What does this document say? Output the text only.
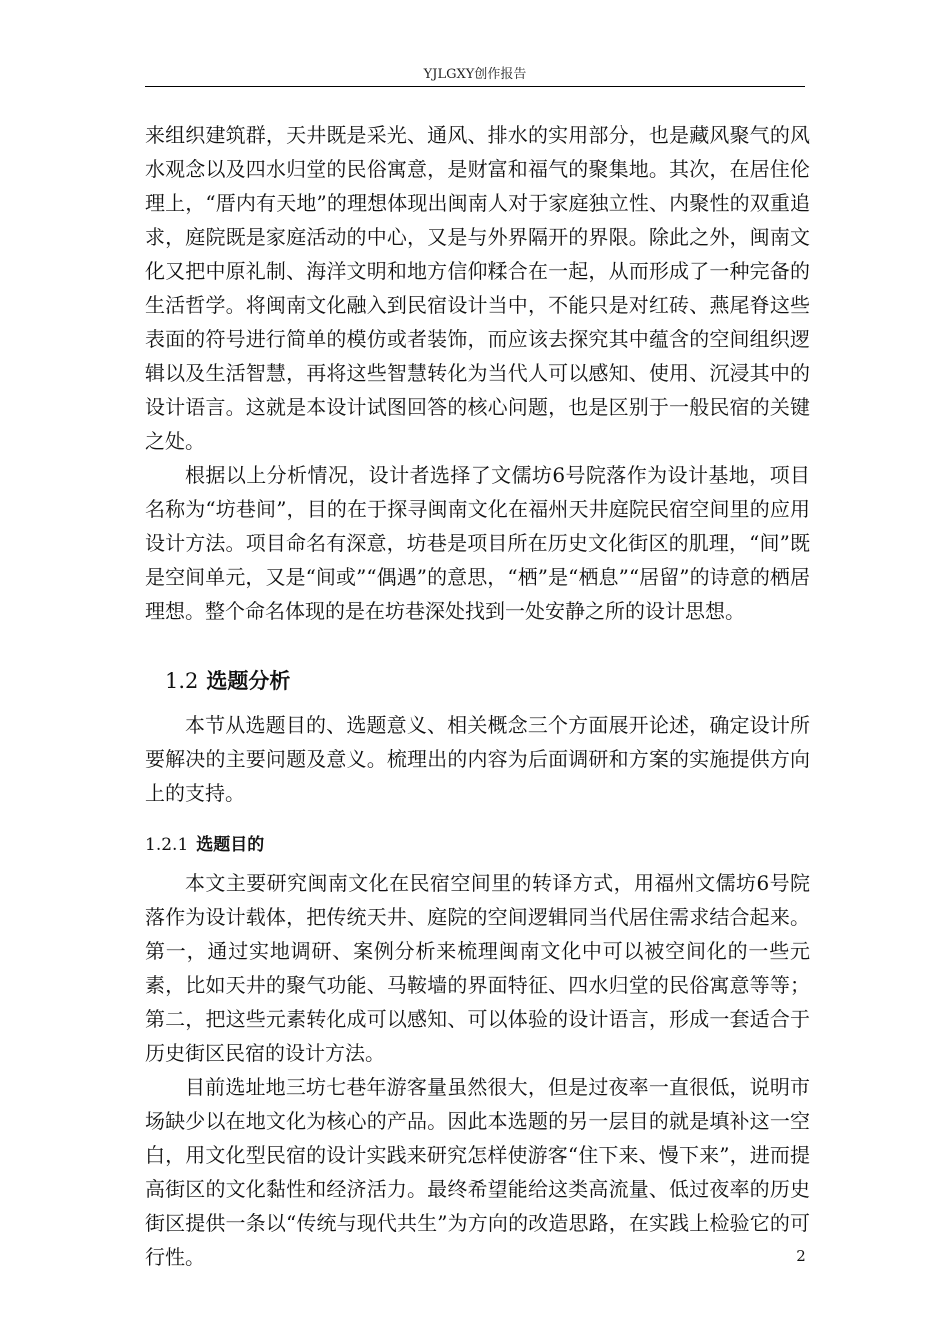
YJLGXY创作报告

来组织建筑群，天井既是采光、通风、排水的实用部分，也是藏风聚气的风水观念以及四水归堂的民俗寓意，是财富和福气的聚集地。其次，在居住伦理上，“厝内有天地”的理想体现出闽南人对于家庭独立性、内聚性的双重追求，庭院既是家庭活动的中心，又是与外界隔开的界限。除此之外，闽南文化又把中原礼制、海洋文明和地方信仰糅合在一起，从而形成了一种完备的生活哲学。将闽南文化融入到民宿设计当中，不能只是对红砖、燕尾脊这些表面的符号进行简单的模仿或者装饰，而应该去探究其中蕴含的空间组织逻辑以及生活智慧，再将这些智慧转化为当代人可以感知、使用、沉浸其中的设计语言。这就是本设计试图回答的核心问题，也是区别于一般民宿的关键之处。

根据以上分析情况，设计者选择了文儒坊6号院落作为设计基地，项目名称为“坊巷间”，目的在于探寻闽南文化在福州天井庭院民宿空间里的应用设计方法。项目命名有深意，坊巷是项目所在历史文化街区的肌理，“间”既是空间单元，又是“间或”“偶遇”的意思，“栖”是“栖息”“居留”的诗意的栖居理想。整个命名体现的是在坊巷深处找到一处安静之所的设计思想。

1.2 选题分析

本节从选题目的、选题意义、相关概念三个方面展开论述，确定设计所要解决的主要问题及意义。梳理出的内容为后面调研和方案的实施提供方向上的支持。

1.2.1 选题目的

本文主要研究闽南文化在民宿空间里的转译方式，用福州文儒坊6号院落作为设计载体，把传统天井、庭院的空间逻辑同当代居住需求结合起来。第一，通过实地调研、案例分析来梳理闽南文化中可以被空间化的一些元素，比如天井的聚气功能、马鞍墙的界面特征、四水归堂的民俗寓意等等；第二，把这些元素转化成可以感知、可以体验的设计语言，形成一套适合于历史街区民宿的设计方法。

目前选址地三坊七巷年游客量虽然很大，但是过夜率一直很低，说明市场缺少以在地文化为核心的产品。因此本选题的另一层目的就是填补这一空白，用文化型民宿的设计实践来研究怎样使游客“住下来、慢下来”，进而提高街区的文化黏性和经济活力。最终希望能给这类高流量、低过夜率的历史街区提供一条以“传统与现代共生”为方向的改造思路，在实践上检验它的可行性。	2
